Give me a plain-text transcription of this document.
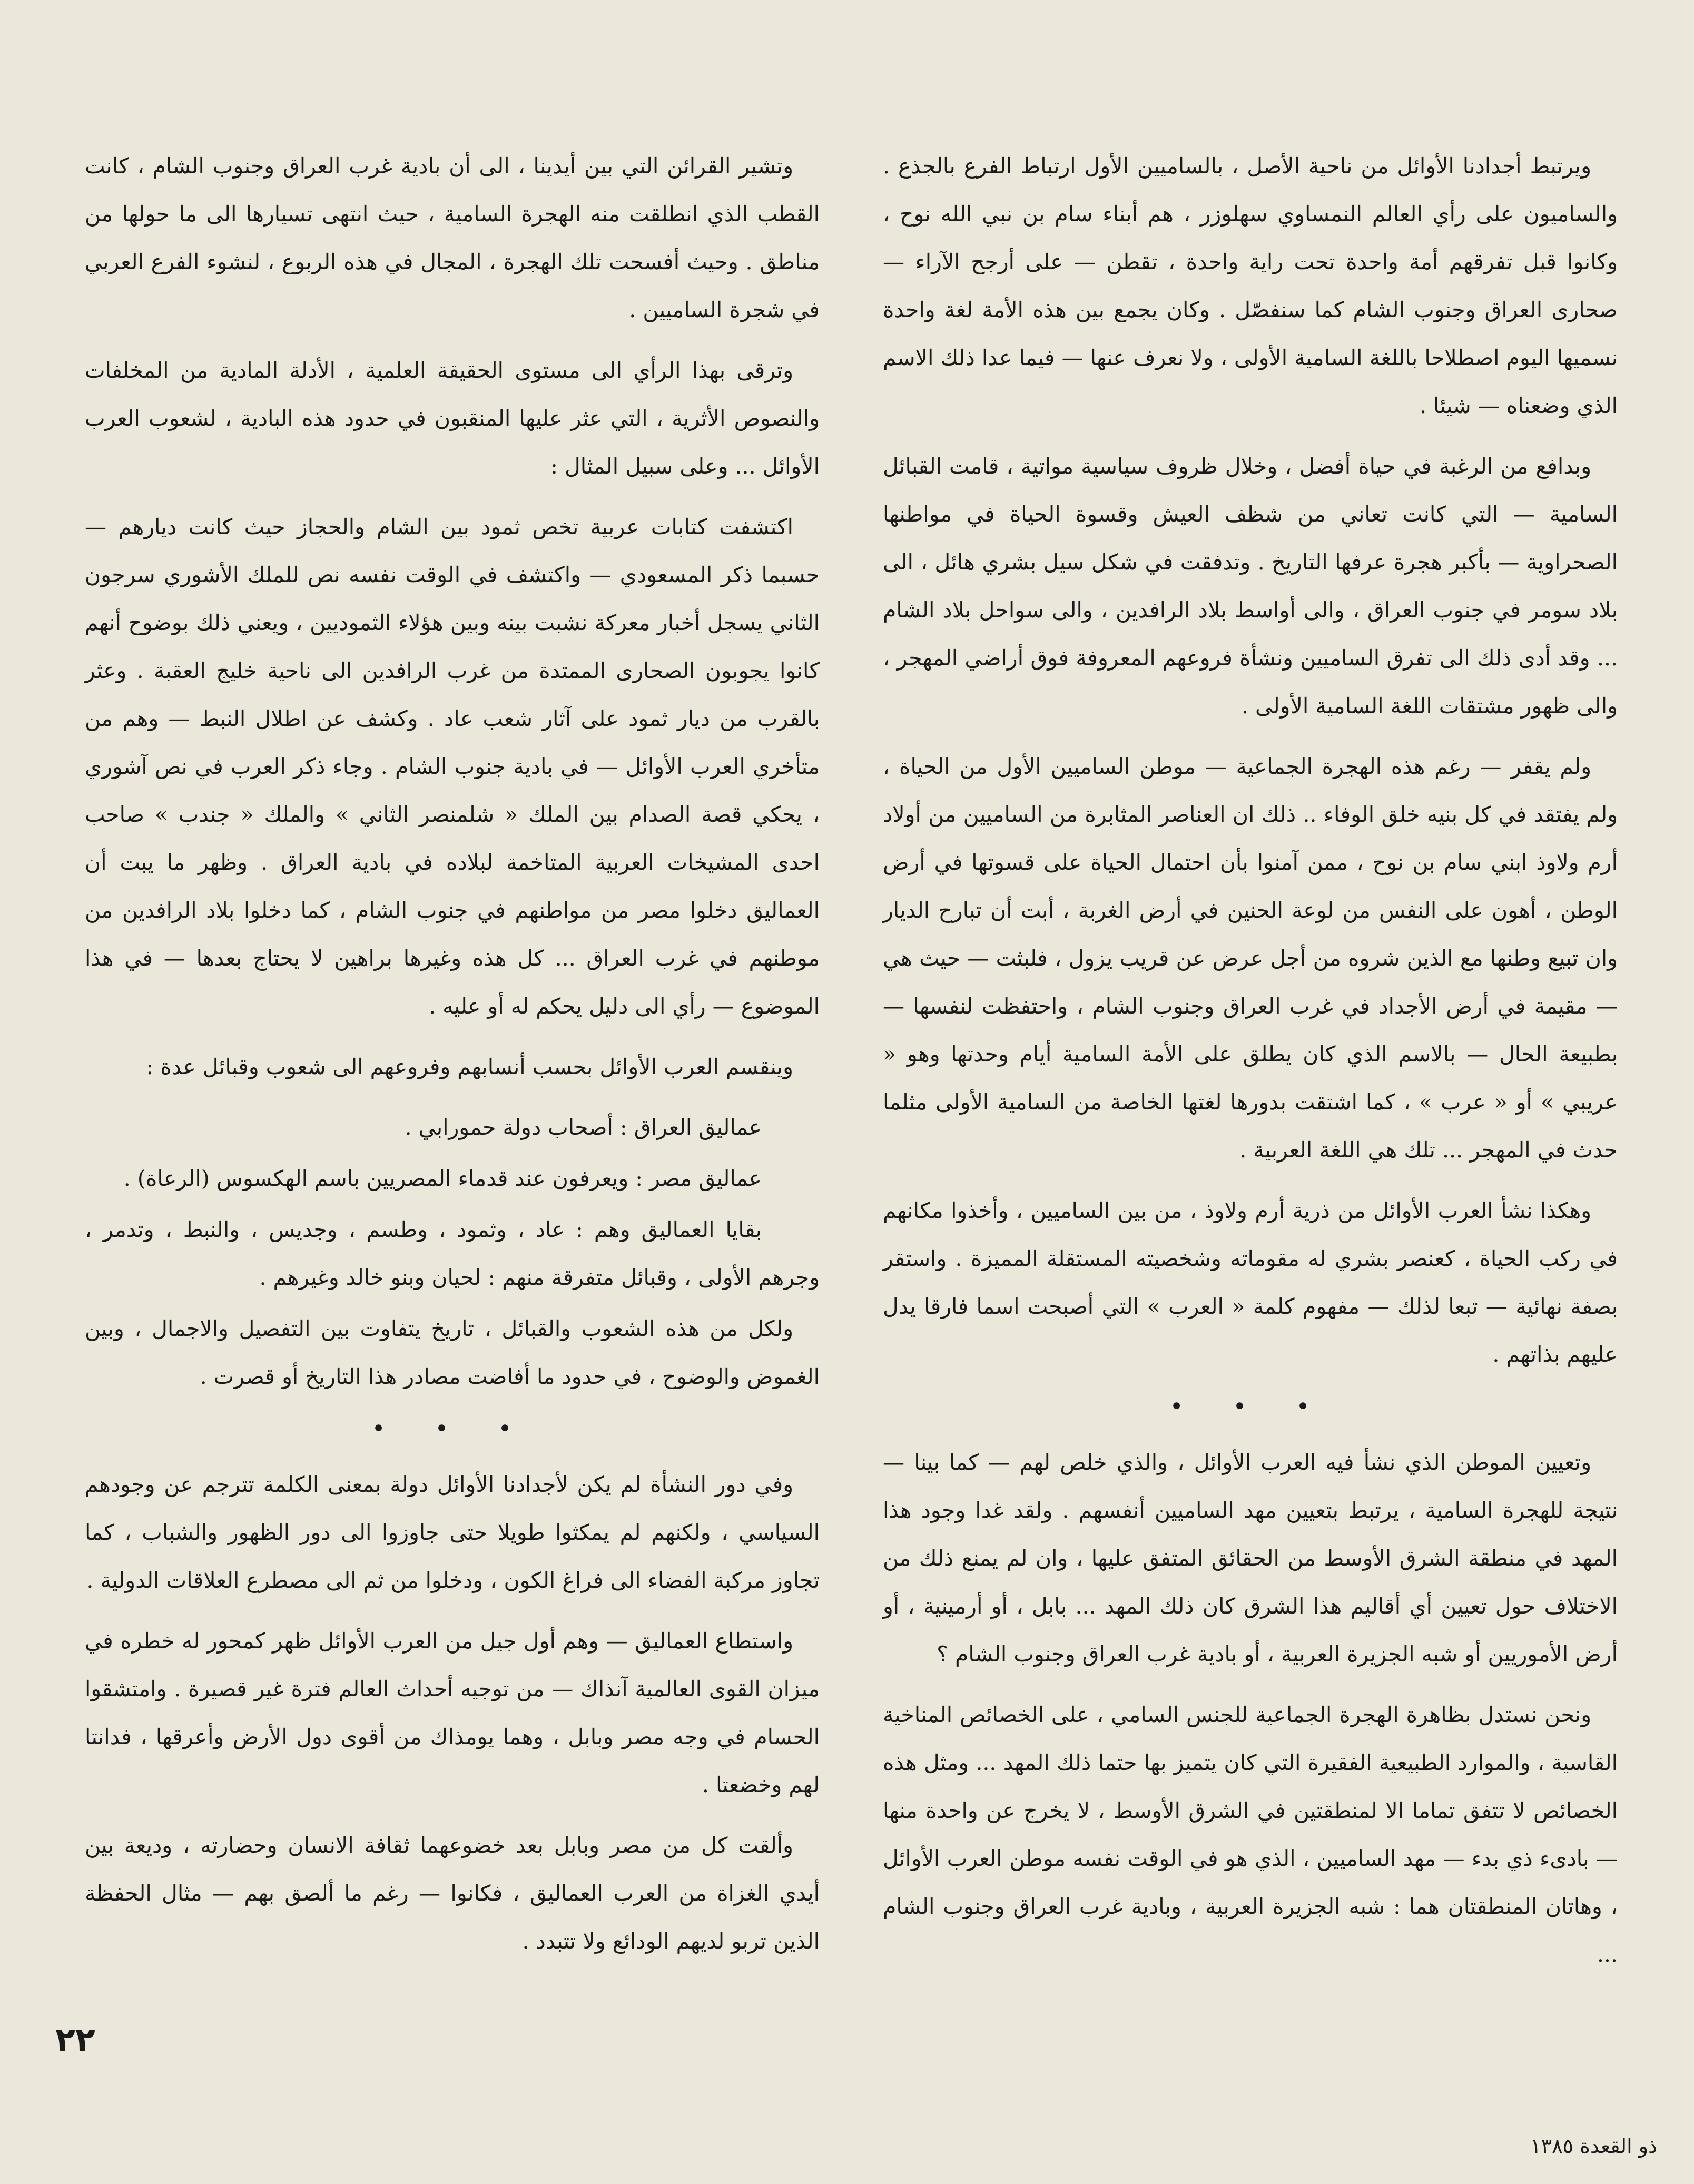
ويرتبط أجدادنا الأوائل من ناحية الأصل ، بالساميين الأول ارتباط الفرع بالجذع . والساميون على رأي العالم النمساوي سهلوزر ، هم أبناء سام بن نبي الله نوح ، وكانوا قبل تفرقهم أمة واحدة تحت راية واحدة ، تقطن — على أرجح الآراء — صحارى العراق وجنوب الشام كما سنفصّل . وكان يجمع بين هذه الأمة لغة واحدة نسميها اليوم اصطلاحا باللغة السامية الأولى ، ولا نعرف عنها — فيما عدا ذلك الاسم الذي وضعناه — شيئا .

وبدافع من الرغبة في حياة أفضل ، وخلال ظروف سياسية مواتية ، قامت القبائل السامية — التي كانت تعاني من شظف العيش وقسوة الحياة في مواطنها الصحراوية — بأكبر هجرة عرفها التاريخ . وتدفقت في شكل سيل بشري هائل ، الى بلاد سومر في جنوب العراق ، والى أواسط بلاد الرافدين ، والى سواحل بلاد الشام ... وقد أدى ذلك الى تفرق الساميين ونشأة فروعهم المعروفة فوق أراضي المهجر ، والى ظهور مشتقات اللغة السامية الأولى .

ولم يقفر — رغم هذه الهجرة الجماعية — موطن الساميين الأول من الحياة ، ولم يفتقد في كل بنيه خلق الوفاء .. ذلك ان العناصر المثابرة من الساميين من أولاد أرم ولاوذ ابني سام بن نوح ، ممن آمنوا بأن احتمال الحياة على قسوتها في أرض الوطن ، أهون على النفس من لوعة الحنين في أرض الغربة ، أبت أن تبارح الديار وان تبيع وطنها مع الذين شروه من أجل عرض عن قريب يزول ، فلبثت — حيث هي — مقيمة في أرض الأجداد في غرب العراق وجنوب الشام ، واحتفظت لنفسها — بطبيعة الحال — بالاسم الذي كان يطلق على الأمة السامية أيام وحدتها وهو « عريبي » أو « عرب » ، كما اشتقت بدورها لغتها الخاصة من السامية الأولى مثلما حدث في المهجر ... تلك هي اللغة العربية .

وهكذا نشأ العرب الأوائل من ذرية أرم ولاوذ ، من بين الساميين ، وأخذوا مكانهم في ركب الحياة ، كعنصر بشري له مقوماته وشخصيته المستقلة المميزة . واستقر بصفة نهائية — تبعا لذلك — مفهوم كلمة « العرب » التي أصبحت اسما فارقا يدل عليهم بذاتهم .

• • •

وتعيين الموطن الذي نشأ فيه العرب الأوائل ، والذي خلص لهم — كما بينا — نتيجة للهجرة السامية ، يرتبط بتعيين مهد الساميين أنفسهم . ولقد غدا وجود هذا المهد في منطقة الشرق الأوسط من الحقائق المتفق عليها ، وان لم يمنع ذلك من الاختلاف حول تعيين أي أقاليم هذا الشرق كان ذلك المهد ... بابل ، أو أرمينية ، أو أرض الأموريين أو شبه الجزيرة العربية ، أو بادية غرب العراق وجنوب الشام ؟

ونحن نستدل بظاهرة الهجرة الجماعية للجنس السامي ، على الخصائص المناخية القاسية ، والموارد الطبيعية الفقيرة التي كان يتميز بها حتما ذلك المهد ... ومثل هذه الخصائص لا تتفق تماما الا لمنطقتين في الشرق الأوسط ، لا يخرج عن واحدة منها — بادىء ذي بدء — مهد الساميين ، الذي هو في الوقت نفسه موطن العرب الأوائل ، وهاتان المنطقتان هما : شبه الجزيرة العربية ، وبادية غرب العراق وجنوب الشام ...

وتشير القرائن التي بين أيدينا ، الى أن بادية غرب العراق وجنوب الشام ، كانت القطب الذي انطلقت منه الهجرة السامية ، حيث انتهى تسيارها الى ما حولها من مناطق . وحيث أفسحت تلك الهجرة ، المجال في هذه الربوع ، لنشوء الفرع العربي في شجرة الساميين .

وترقى بهذا الرأي الى مستوى الحقيقة العلمية ، الأدلة المادية من المخلفات والنصوص الأثرية ، التي عثر عليها المنقبون في حدود هذه البادية ، لشعوب العرب الأوائل ... وعلى سبيل المثال :

اكتشفت كتابات عربية تخص ثمود بين الشام والحجاز حيث كانت ديارهم — حسبما ذكر المسعودي — واكتشف في الوقت نفسه نص للملك الأشوري سرجون الثاني يسجل أخبار معركة نشبت بينه وبين هؤلاء الثموديين ، ويعني ذلك بوضوح أنهم كانوا يجوبون الصحارى الممتدة من غرب الرافدين الى ناحية خليج العقبة . وعثر بالقرب من ديار ثمود على آثار شعب عاد . وكشف عن اطلال النبط — وهم من متأخري العرب الأوائل — في بادية جنوب الشام . وجاء ذكر العرب في نص آشوري ، يحكي قصة الصدام بين الملك « شلمنصر الثاني » والملك « جندب » صاحب احدى المشيخات العربية المتاخمة لبلاده في بادية العراق . وظهر ما يبت أن العماليق دخلوا مصر من مواطنهم في جنوب الشام ، كما دخلوا بلاد الرافدين من موطنهم في غرب العراق ... كل هذه وغيرها براهين لا يحتاج بعدها — في هذا الموضوع — رأي الى دليل يحكم له أو عليه .

وينقسم العرب الأوائل بحسب أنسابهم وفروعهم الى شعوب وقبائل عدة :

عماليق العراق : أصحاب دولة حمورابي .

عماليق مصر : ويعرفون عند قدماء المصريين باسم الهكسوس (الرعاة) .

بقايا العماليق وهم : عاد ، وثمود ، وطسم ، وجديس ، والنبط ، وتدمر ، وجرهم الأولى ، وقبائل متفرقة منهم : لحيان وبنو خالد وغيرهم .

ولكل من هذه الشعوب والقبائل ، تاريخ يتفاوت بين التفصيل والاجمال ، وبين الغموض والوضوح ، في حدود ما أفاضت مصادر هذا التاريخ أو قصرت .

• • •

وفي دور النشأة لم يكن لأجدادنا الأوائل دولة بمعنى الكلمة تترجم عن وجودهم السياسي ، ولكنهم لم يمكثوا طويلا حتى جاوزوا الى دور الظهور والشباب ، كما تجاوز مركبة الفضاء الى فراغ الكون ، ودخلوا من ثم الى مصطرع العلاقات الدولية .

واستطاع العماليق — وهم أول جيل من العرب الأوائل ظهر كمحور له خطره في ميزان القوى العالمية آنذاك — من توجيه أحداث العالم فترة غير قصيرة . وامتشقوا الحسام في وجه مصر وبابل ، وهما يومذاك من أقوى دول الأرض وأعرقها ، فدانتا لهم وخضعتا .

وألقت كل من مصر وبابل بعد خضوعهما ثقافة الانسان وحضارته ، وديعة بين أيدي الغزاة من العرب العماليق ، فكانوا — رغم ما ألصق بهم — مثال الحفظة الذين تربو لديهم الودائع ولا تتبدد .

٢٢
ذو القعدة ١٣٨٥
